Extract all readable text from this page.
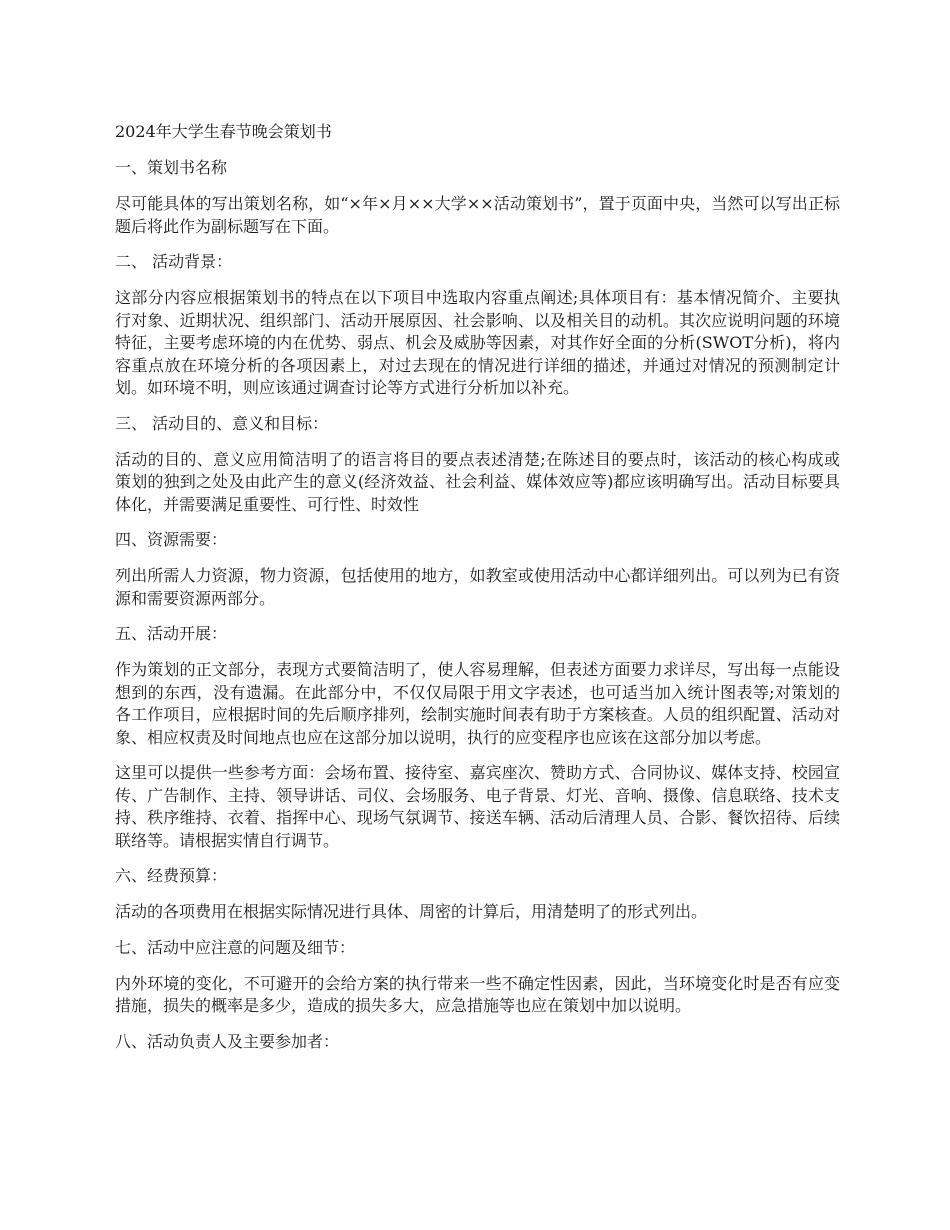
2024年大学生春节晚会策划书
一、策划书名称
尽可能具体的写出策划名称，如“×年×月××大学××活动策划书”，置于页面中央，当然可以写出正标题后将此作为副标题写在下面。
二、 活动背景：
这部分内容应根据策划书的特点在以下项目中选取内容重点阐述;具体项目有：基本情况简介、主要执行对象、近期状况、组织部门、活动开展原因、社会影响、以及相关目的动机。其次应说明问题的环境特征，主要考虑环境的内在优势、弱点、机会及威胁等因素，对其作好全面的分析(SWOT分析)，将内容重点放在环境分析的各项因素上，对过去现在的情况进行详细的描述，并通过对情况的预测制定计划。如环境不明，则应该通过调查讨论等方式进行分析加以补充。
三、 活动目的、意义和目标：
活动的目的、意义应用简洁明了的语言将目的要点表述清楚;在陈述目的要点时，该活动的核心构成或策划的独到之处及由此产生的意义(经济效益、社会利益、媒体效应等)都应该明确写出。活动目标要具体化，并需要满足重要性、可行性、时效性
四、资源需要：
列出所需人力资源，物力资源，包括使用的地方，如教室或使用活动中心都详细列出。可以列为已有资源和需要资源两部分。
五、活动开展：
作为策划的正文部分，表现方式要简洁明了，使人容易理解，但表述方面要力求详尽，写出每一点能设想到的东西，没有遗漏。在此部分中，不仅仅局限于用文字表述，也可适当加入统计图表等;对策划的各工作项目，应根据时间的先后顺序排列，绘制实施时间表有助于方案核查。人员的组织配置、活动对象、相应权责及时间地点也应在这部分加以说明，执行的应变程序也应该在这部分加以考虑。
这里可以提供一些参考方面：会场布置、接待室、嘉宾座次、赞助方式、合同协议、媒体支持、校园宣传、广告制作、主持、领导讲话、司仪、会场服务、电子背景、灯光、音响、摄像、信息联络、技术支持、秩序维持、衣着、指挥中心、现场气氛调节、接送车辆、活动后清理人员、合影、餐饮招待、后续联络等。请根据实情自行调节。
六、经费预算：
活动的各项费用在根据实际情况进行具体、周密的计算后，用清楚明了的形式列出。
七、活动中应注意的问题及细节：
内外环境的变化，不可避开的会给方案的执行带来一些不确定性因素，因此，当环境变化时是否有应变措施，损失的概率是多少，造成的损失多大，应急措施等也应在策划中加以说明。
八、活动负责人及主要参加者：
